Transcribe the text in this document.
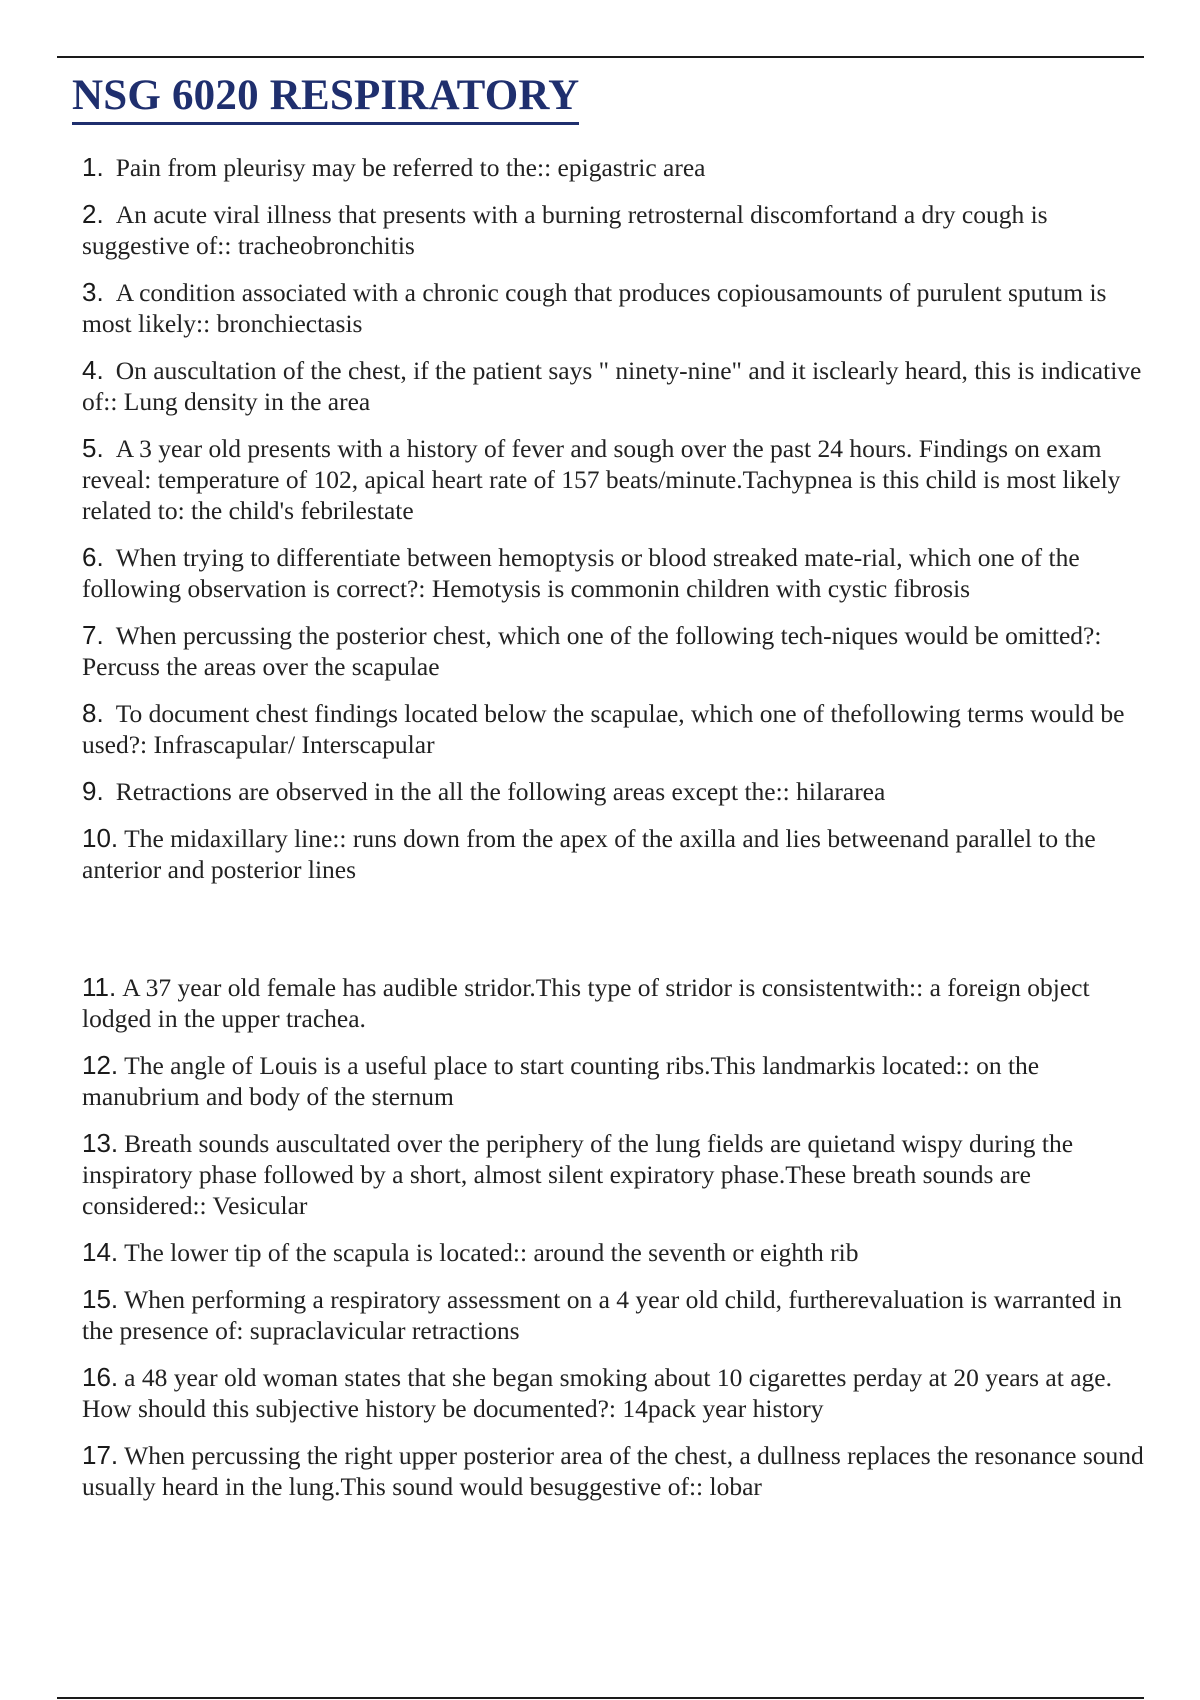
NSG 6020 RESPIRATORY
1. Pain from pleurisy may be referred to the:: epigastric area
2. An acute viral illness that presents with a burning retrosternal discomfortand a dry cough is suggestive of:: tracheobronchitis
3. A condition associated with a chronic cough that produces copiousamounts of purulent sputum is most likely:: bronchiectasis
4. On auscultation of the chest, if the patient says " ninety-nine" and it isclearly heard, this is indicative of:: Lung density in the area
5. A 3 year old presents with a history of fever and sough over the past 24 hours. Findings on exam reveal: temperature of 102, apical heart rate of 157 beats/minute.Tachypnea is this child is most likely related to: the child's febrilestate
6. When trying to differentiate between hemoptysis or blood streaked mate-rial, which one of the following observation is correct?: Hemotysis is commonin children with cystic fibrosis
7. When percussing the posterior chest, which one of the following tech-niques would be omitted?: Percuss the areas over the scapulae
8. To document chest findings located below the scapulae, which one of thefollowing terms would be used?: Infrascapular/ Interscapular
9. Retractions are observed in the all the following areas except the:: hilararea
10. The midaxillary line:: runs down from the apex of the axilla and lies betweenand parallel to the anterior and posterior lines
11. A 37 year old female has audible stridor.This type of stridor is consistentwith:: a foreign object lodged in the upper trachea.
12. The angle of Louis is a useful place to start counting ribs.This landmarkis located:: on the manubrium and body of the sternum
13. Breath sounds auscultated over the periphery of the lung fields are quietand wispy during the inspiratory phase followed by a short, almost silent expiratory phase.These breath sounds are considered:: Vesicular
14. The lower tip of the scapula is located:: around the seventh or eighth rib
15. When performing a respiratory assessment on a 4 year old child, furtherevaluation is warranted in the presence of: supraclavicular retractions
16. a 48 year old woman states that she began smoking about 10 cigarettes perday at 20 years at age. How should this subjective history be documented?: 14pack year history
17. When percussing the right upper posterior area of the chest, a dullness replaces the resonance sound usually heard in the lung.This sound would besuggestive of:: lobar
